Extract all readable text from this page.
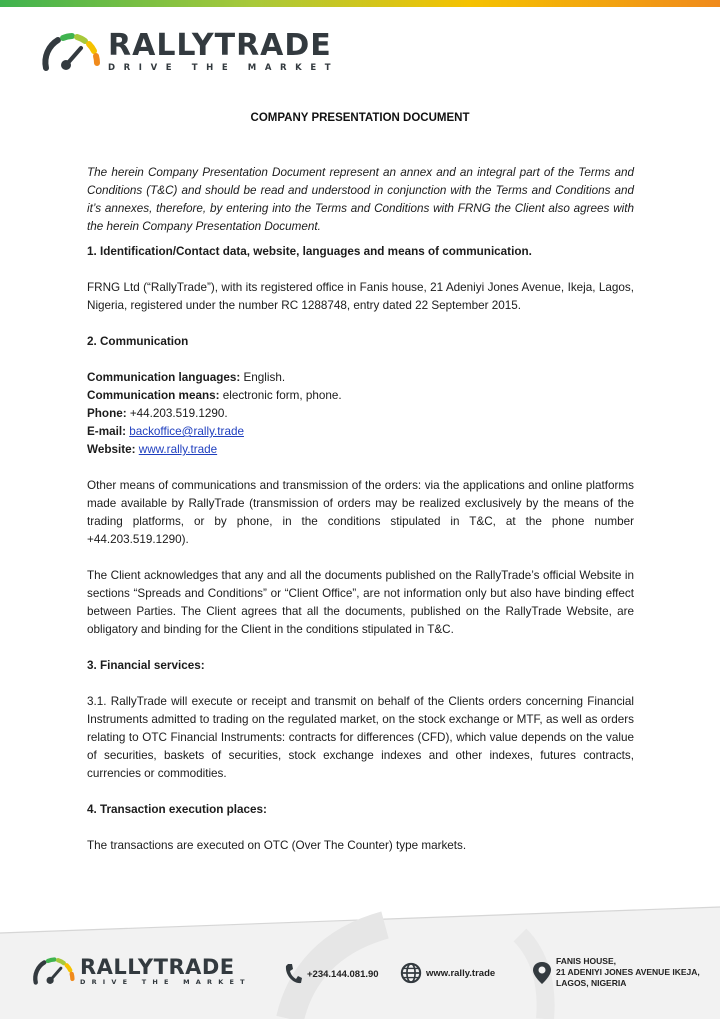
RALLYTRADE
DRIVE THE MARKET
COMPANY PRESENTATION DOCUMENT

The herein Company Presentation Document represent an annex and an integral part of the Terms and Conditions (T&C) and should be read and understood in conjunction with the Terms and Conditions and it’s annexes, therefore, by entering into the Terms and Conditions with FRNG the Client also agrees with the herein Company Presentation Document.

1. Identification/Contact data, website, languages and means of communication.

FRNG Ltd (“RallyTrade”), with its registered office in Fanis house, 21 Adeniyi Jones Avenue, Ikeja, Lagos, Nigeria, registered under the number RC 1288748, entry dated 22 September 2015.

2. Communication

Communication languages: English.

Communication means: electronic form, phone.

Phone: +44.203.519.1290.

E-mail: backoffice@rally.trade

Website: www.rally.trade

Other means of communications and transmission of the orders: via the applications and online platforms made available by RallyTrade (transmission of orders may be realized exclusively by the means of the trading platforms, or by phone, in the conditions stipulated in T&C, at the phone number +44.203.519.1290).

The Client acknowledges that any and all the documents published on the RallyTrade’s official Website in sections “Spreads and Conditions” or “Client Office”, are not information only but also have binding effect between Parties. The Client agrees that all the documents, published on the RallyTrade Website, are obligatory and binding for the Client in the conditions stipulated in T&C.

3. Financial services:

3.1. RallyTrade will execute or receipt and transmit on behalf of the Clients orders concerning Financial Instruments admitted to trading on the regulated market, on the stock exchange or MTF, as well as orders relating to OTC Financial Instruments: contracts for differences (CFD), which value depends on the value of securities, baskets of securities, stock exchange indexes and other indexes, futures contracts, currencies or commodities.

4. Transaction execution places:

The transactions are executed on OTC (Over The Counter) type markets.

RALLYTRADE
DRIVE THE MARKET
+234.144.081.90	www.rally.trade
FANIS HOUSE,
21 ADENIYI JONES AVENUE IKEJA,
LAGOS, NIGERIA
